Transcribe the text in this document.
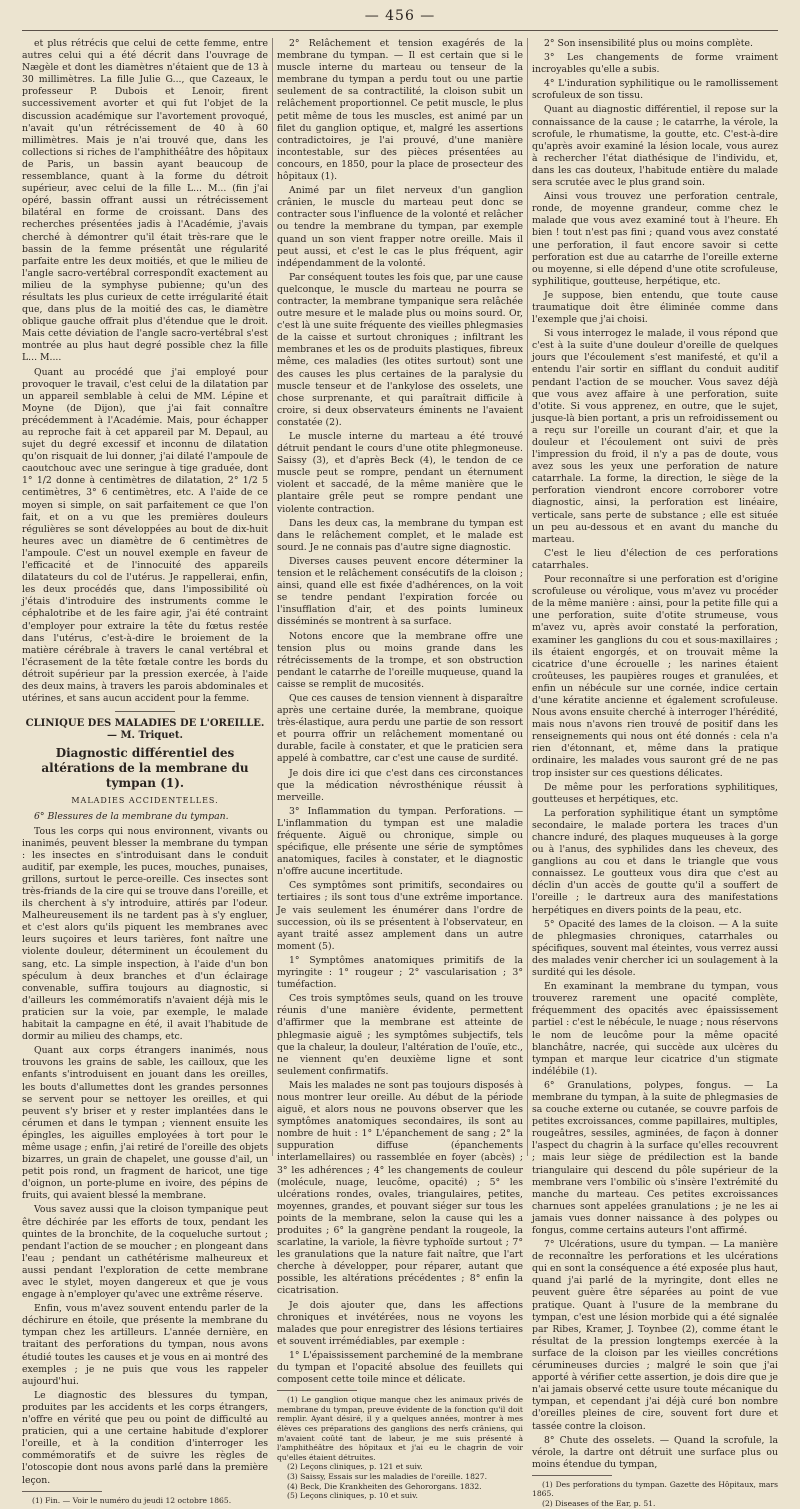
— 456 —

et plus rétrécis que celui de cette femme, entre autres celui qui a été décrit dans l'ouvrage de Nægèle et dont les diamètres n'étaient que de 13 à 30 millimètres. La fille Julie G..., que Cazeaux, le professeur P. Dubois et Lenoir, firent successivement avorter et qui fut l'objet de la discussion académique sur l'avortement provoqué, n'avait qu'un rétrécissement de 40 à 60 millimètres. Mais je n'ai trouvé que, dans les collections si riches de l'amphithéâtre des hôpitaux de Paris, un bassin ayant beaucoup de ressemblance, quant à la forme du détroit supérieur, avec celui de la fille L... M... (fin j'ai opéré, bassin offrant aussi un rétrécissement bilatéral en forme de croissant. Dans des recherches présentées jadis à l'Académie, j'avais cherché à démontrer qu'il était très-rare que le bassin de la femme présentât une régularité parfaite entre les deux moitiés, et que le milieu de l'angle sacro-vertébral correspondît exactement au milieu de la symphyse pubienne; qu'un des résultats les plus curieux de cette irrégularité était que, dans plus de la moitié des cas, le diamètre oblique gauche offrait plus d'étendue que le droit. Mais cette déviation de l'angle sacro-vertébral s'est montrée au plus haut degré possible chez la fille L... M....

Quant au procédé que j'ai employé pour provoquer le travail, c'est celui de la dilatation par un appareil semblable à celui de MM. Lépine et Moyne (de Dijon), que j'ai fait connaître précédemment à l'Académie. Mais, pour échapper au reproche fait à cet appareil par M. Depaul, au sujet du degré excessif et inconnu de dilatation qu'on risquait de lui donner, j'ai dilaté l'ampoule de caoutchouc avec une seringue à tige graduée, dont 1° 1/2 donne à centimètres de dilatation, 2° 1/2 5 centimètres, 3° 6 centimètres, etc. A l'aide de ce moyen si simple, on sait parfaitement ce que l'on fait, et on a vu que les premières douleurs régulières se sont développées au bout de dix-huit heures avec un diamètre de 6 centimètres de l'ampoule. C'est un nouvel exemple en faveur de l'efficacité et de l'innocuité des appareils dilatateurs du col de l'utérus. Je rappellerai, enfin, les deux procédés que, dans l'impossibilité où j'étais d'introduire des instruments comme le céphalotribe et de les faire agir, j'ai été contraint d'employer pour extraire la tête du fœtus restée dans l'utérus, c'est-à-dire le broiement de la matière cérébrale à travers le canal vertébral et l'écrasement de la tête fœtale contre les bords du détroit supérieur par la pression exercée, à l'aide des deux mains, à travers les parois abdominales et utérines, et sans aucun accident pour la femme.

CLINIQUE DES MALADIES DE L'OREILLE. — M. Triquet.

Diagnostic différentiel des altérations de la membrane du tympan (1).

MALADIES ACCIDENTELLES.

6° Blessures de la membrane du tympan.

Tous les corps qui nous environnent, vivants ou inanimés, peuvent blesser la membrane du tympan : les insectes en s'introduisant dans le conduit auditif, par exemple, les puces, mouches, punaises, grillons, surtout le perce-oreille. Ces insectes sont très-friands de la cire qui se trouve dans l'oreille, et ils cherchent à s'y introduire, attirés par l'odeur. Malheureusement ils ne tardent pas à s'y engluer, et c'est alors qu'ils piquent les membranes avec leurs suçoires et leurs tarières, font naître une violente douleur, déterminent un écoulement du sang, etc. La simple inspection, à l'aide d'un bon spéculum à deux branches et d'un éclairage convenable, suffira toujours au diagnostic, si d'ailleurs les commémoratifs n'avaient déjà mis le praticien sur la voie, par exemple, le malade habitait la campagne en été, il avait l'habitude de dormir au milieu des champs, etc.

Quant aux corps étrangers inanimés, nous trouvons les grains de sable, les cailloux, que les enfants s'introduisent en jouant dans les oreilles, les bouts d'allumettes dont les grandes personnes se servent pour se nettoyer les oreilles, et qui peuvent s'y briser et y rester implantées dans le cérumen et dans le tympan ; viennent ensuite les épingles, les aiguilles employées à tort pour le même usage ; enfin, j'ai retiré de l'oreille des objets bizarres, un grain de chapelet, une gousse d'ail, un petit pois rond, un fragment de haricot, une tige d'oignon, un porte-plume en ivoire, des pépins de fruits, qui avaient blessé la membrane.

Vous savez aussi que la cloison tympanique peut être déchirée par les efforts de toux, pendant les quintes de la bronchite, de la coqueluche surtout ; pendant l'action de se moucher ; en plongeant dans l'eau ; pendant un cathétérisme malheureux et aussi pendant l'exploration de cette membrane avec le stylet, moyen dangereux et que je vous engage à n'employer qu'avec une extrême réserve.

Enfin, vous m'avez souvent entendu parler de la déchirure en étoile, que présente la membrane du tympan chez les artilleurs. L'année dernière, en traitant des perforations du tympan, nous avons étudié toutes les causes et je vous en ai montré des exemples ; je ne puis que vous les rappeler aujourd'hui.

Le diagnostic des blessures du tympan, produites par les accidents et les corps étrangers, n'offre en vérité que peu ou point de difficulté au praticien, qui a une certaine habitude d'explorer l'oreille, et à la condition d'interroger les commémoratifs et de suivre les règles de l'otoscopie dont nous avons parlé dans la première leçon.

(1) Fin. — Voir le numéro du jeudi 12 octobre 1865.

2° Relâchement et tension exagérés de la membrane du tympan. — Il est certain que si le muscle interne du marteau ou tenseur de la membrane du tympan a perdu tout ou une partie seulement de sa contractilité, la cloison subit un relâchement proportionnel. Ce petit muscle, le plus petit même de tous les muscles, est animé par un filet du ganglion optique, et, malgré les assertions contradictoires, je l'ai prouvé, d'une manière incontestable, sur des pièces présentées au concours, en 1850, pour la place de prosecteur des hôpitaux (1).

Animé par un filet nerveux d'un ganglion crânien, le muscle du marteau peut donc se contracter sous l'influence de la volonté et relâcher ou tendre la membrane du tympan, par exemple quand un son vient frapper notre oreille. Mais il peut aussi, et c'est le cas le plus fréquent, agir indépendamment de la volonté.

Par conséquent toutes les fois que, par une cause quelconque, le muscle du marteau ne pourra se contracter, la membrane tympanique sera relâchée outre mesure et le malade plus ou moins sourd. Or, c'est là une suite fréquente des vieilles phlegmasies de la caisse et surtout chroniques ; infiltrant les membranes et les os de produits plastiques, fibreux même, ces maladies (les otites surtout) sont une des causes les plus certaines de la paralysie du muscle tenseur et de l'ankylose des osselets, une chose surprenante, et qui paraîtrait difficile à croire, si deux observateurs éminents ne l'avaient constatée (2).

Le muscle interne du marteau a été trouvé détruit pendant le cours d'une otite phlegmoneuse. Saissy (3), et d'après Beck (4), le tendon de ce muscle peut se rompre, pendant un éternument violent et saccadé, de la même manière que le plantaire grêle peut se rompre pendant une violente contraction.

Dans les deux cas, la membrane du tympan est dans le relâchement complet, et le malade est sourd. Je ne connais pas d'autre signe diagnostic.

Diverses causes peuvent encore déterminer la tension et le relâchement consécutifs de la cloison ; ainsi, quand elle est fixée d'adhérences, on la voit se tendre pendant l'expiration forcée ou l'insufflation d'air, et des points lumineux disséminés se montrent à sa surface.

Notons encore que la membrane offre une tension plus ou moins grande dans les rétrécissements de la trompe, et son obstruction pendant le catarrhe de l'oreille muqueuse, quand la caisse se remplit de mucosités.

Que ces causes de tension viennent à disparaître après une certaine durée, la membrane, quoique très-élastique, aura perdu une partie de son ressort et pourra offrir un relâchement momentané ou durable, facile à constater, et que le praticien sera appelé à combattre, car c'est une cause de surdité.

Je dois dire ici que c'est dans ces circonstances que la médication névrosthénique réussit à merveille.

3° Inflammation du tympan. Perforations. — L'inflammation du tympan est une maladie fréquente. Aiguë ou chronique, simple ou spécifique, elle présente une série de symptômes anatomiques, faciles à constater, et le diagnostic n'offre aucune incertitude.

Ces symptômes sont primitifs, secondaires ou tertiaires ; ils sont tous d'une extrême importance. Je vais seulement les énumérer dans l'ordre de succession, où ils se présentent à l'observateur, en ayant traité assez amplement dans un autre moment (5).

1° Symptômes anatomiques primitifs de la myringite : 1° rougeur ; 2° vascularisation ; 3° tuméfaction.

Ces trois symptômes seuls, quand on les trouve réunis d'une manière évidente, permettent d'affirmer que la membrane est atteinte de phlegmasie aiguë ; les symptômes subjectifs, tels que la chaleur, la douleur, l'altération de l'ouïe, etc., ne viennent qu'en deuxième ligne et sont seulement confirmatifs.

Mais les malades ne sont pas toujours disposés à nous montrer leur oreille. Au début de la période aiguë, et alors nous ne pouvons observer que les symptômes anatomiques secondaires, ils sont au nombre de huit : 1° L'épanchement de sang ; 2° la suppuration diffuse (épanchements interlamellaires) ou rassemblée en foyer (abcès) ; 3° les adhérences ; 4° les changements de couleur (molécule, nuage, leucôme, opacité) ; 5° les ulcérations rondes, ovales, triangulaires, petites, moyennes, grandes, et pouvant siéger sur tous les points de la membrane, selon la cause qui les a produites ; 6° la gangrène pendant la rougeole, la scarlatine, la variole, la fièvre typhoïde surtout ; 7° les granulations que la nature fait naître, que l'art cherche à développer, pour réparer, autant que possible, les altérations précédentes ; 8° enfin la cicatrisation.

Je dois ajouter que, dans les affections chroniques et invétérées, nous ne voyons les malades que pour enregistrer des lésions tertiaires et souvent irrémédiables, par exemple :

1° L'épaississement parcheminé de la membrane du tympan et l'opacité absolue des feuillets qui composent cette toile mince et délicate.

(1) Le ganglion otique manque chez les animaux privés de membrane du tympan, preuve évidente de la fonction qu'il doit remplir. Ayant désiré, il y a quelques années, montrer à mes élèves ces préparations des ganglions des nerfs crâniens, qui m'avaient coûté tant de labeur, je me suis présenté à l'amphithéâtre des hôpitaux et j'ai eu le chagrin de voir qu'elles étaient détruites.

(2) Leçons cliniques, p. 121 et suiv.

(3) Saissy, Essais sur les maladies de l'oreille. 1827.

(4) Beck, Die Krankheiten des Gehororgans. 1832.

(5) Leçons cliniques, p. 10 et suiv.

2° Son insensibilité plus ou moins complète.

3° Les changements de forme vraiment incroyables qu'elle a subis.

4° L'induration syphilitique ou le ramollissement scrofuleux de son tissu.

Quant au diagnostic différentiel, il repose sur la connaissance de la cause ; le catarrhe, la vérole, la scrofule, le rhumatisme, la goutte, etc. C'est-à-dire qu'après avoir examiné la lésion locale, vous aurez à rechercher l'état diathésique de l'individu, et, dans les cas douteux, l'habitude entière du malade sera scrutée avec le plus grand soin.

Ainsi vous trouvez une perforation centrale, ronde, de moyenne grandeur, comme chez le malade que vous avez examiné tout à l'heure. Eh bien ! tout n'est pas fini ; quand vous avez constaté une perforation, il faut encore savoir si cette perforation est due au catarrhe de l'oreille externe ou moyenne, si elle dépend d'une otite scrofuleuse, syphilitique, goutteuse, herpétique, etc.

Je suppose, bien entendu, que toute cause traumatique doit être éliminée comme dans l'exemple que j'ai choisi.

Si vous interrogez le malade, il vous répond que c'est à la suite d'une douleur d'oreille de quelques jours que l'écoulement s'est manifesté, et qu'il a entendu l'air sortir en sifflant du conduit auditif pendant l'action de se moucher. Vous savez déjà que vous avez affaire à une perforation, suite d'otite. Si vous apprenez, en outre, que le sujet, jusque-là bien portant, a pris un refroidissement ou a reçu sur l'oreille un courant d'air, et que la douleur et l'écoulement ont suivi de près l'impression du froid, il n'y a pas de doute, vous avez sous les yeux une perforation de nature catarrhale. La forme, la direction, le siège de la perforation viendront encore corroborer votre diagnostic, ainsi, la perforation est linéaire, verticale, sans perte de substance ; elle est située un peu au-dessous et en avant du manche du marteau.

C'est le lieu d'élection de ces perforations catarrhales.

Pour reconnaître si une perforation est d'origine scrofuleuse ou vérolique, vous m'avez vu procéder de la même manière : ainsi, pour la petite fille qui a une perforation, suite d'otite strumeuse, vous m'avez vu, après avoir constaté la perforation, examiner les ganglions du cou et sous-maxillaires ; ils étaient engorgés, et on trouvait même la cicatrice d'une écrouelle ; les narines étaient croûteuses, les paupières rouges et granulées, et enfin un nébécule sur une cornée, indice certain d'une kératite ancienne et également scrofuleuse. Nous avons ensuite cherché à interroger l'hérédité, mais nous n'avons rien trouvé de positif dans les renseignements qui nous ont été donnés : cela n'a rien d'étonnant, et, même dans la pratique ordinaire, les malades vous sauront gré de ne pas trop insister sur ces questions délicates.

De même pour les perforations syphilitiques, goutteuses et herpétiques, etc.

La perforation syphilitique étant un symptôme secondaire, le malade portera les traces d'un chancre induré, des plaques muqueuses à la gorge ou à l'anus, des syphilides dans les cheveux, des ganglions au cou et dans le triangle que vous connaissez. Le goutteux vous dira que c'est au déclin d'un accès de goutte qu'il a souffert de l'oreille ; le dartreux aura des manifestations herpétiques en divers points de la peau, etc.

5° Opacité des lames de la cloison. — A la suite de phlegmasies chroniques, catarrhales ou spécifiques, souvent mal éteintes, vous verrez aussi des malades venir chercher ici un soulagement à la surdité qui les désole.

En examinant la membrane du tympan, vous trouverez rarement une opacité complète, fréquemment des opacités avec épaississement partiel : c'est le nébécule, le nuage ; nous réservons le nom de leucôme pour la même opacité blanchâtre, nacrée, qui succède aux ulcères du tympan et marque leur cicatrice d'un stigmate indélébile (1).

6° Granulations, polypes, fongus. — La membrane du tympan, à la suite de phlegmasies de sa couche externe ou cutanée, se couvre parfois de petites excroissances, comme papillaires, multiples, rougeâtres, sessiles, agminées, de façon à donner l'aspect du chagrin à la surface qu'elles recouvrent ; mais leur siège de prédilection est la bande triangulaire qui descend du pôle supérieur de la membrane vers l'ombilic où s'insère l'extrémité du manche du marteau. Ces petites excroissances charnues sont appelées granulations ; je ne les ai jamais vues donner naissance à des polypes ou fongus, comme certains auteurs l'ont affirmé.

7° Ulcérations, usure du tympan. — La manière de reconnaître les perforations et les ulcérations qui en sont la conséquence a été exposée plus haut, quand j'ai parlé de la myringite, dont elles ne peuvent guère être séparées au point de vue pratique. Quant à l'usure de la membrane du tympan, c'est une lésion morbide qui a été signalée par Ribes, Kramer, J. Toynbee (2), comme étant le résultat de la pression longtemps exercée à la surface de la cloison par les vieilles concrétions cérumineuses durcies ; malgré le soin que j'ai apporté à vérifier cette assertion, je dois dire que je n'ai jamais observé cette usure toute mécanique du tympan, et cependant j'ai déjà curé bon nombre d'oreilles pleines de cire, souvent fort dure et tassée contre la cloison.

8° Chute des osselets. — Quand la scrofule, la vérole, la dartre ont détruit une surface plus ou moins étendue du tympan,

(1) Des perforations du tympan. Gazette des Hôpitaux, mars 1865.

(2) Diseases of the Ear, p. 51.
